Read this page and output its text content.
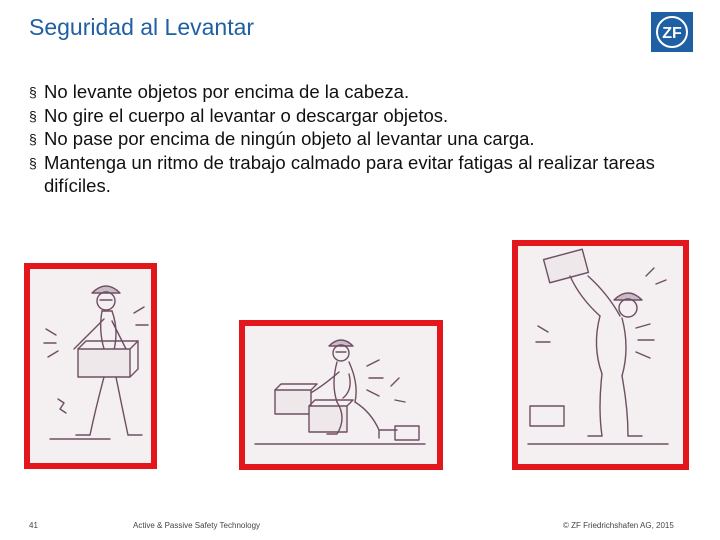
Seguridad al Levantar	ZF
§ No levante objetos por encima de la cabeza.
§ No gire el cuerpo al levantar o descargar objetos.
§ No pase por encima de ningún objeto al levantar una carga.
§ Mantenga un ritmo de trabajo calmado para evitar fatigas al realizar tareas difíciles.
41	Active & Passive Safety Technology	© ZF Friedrichshafen AG, 2015
